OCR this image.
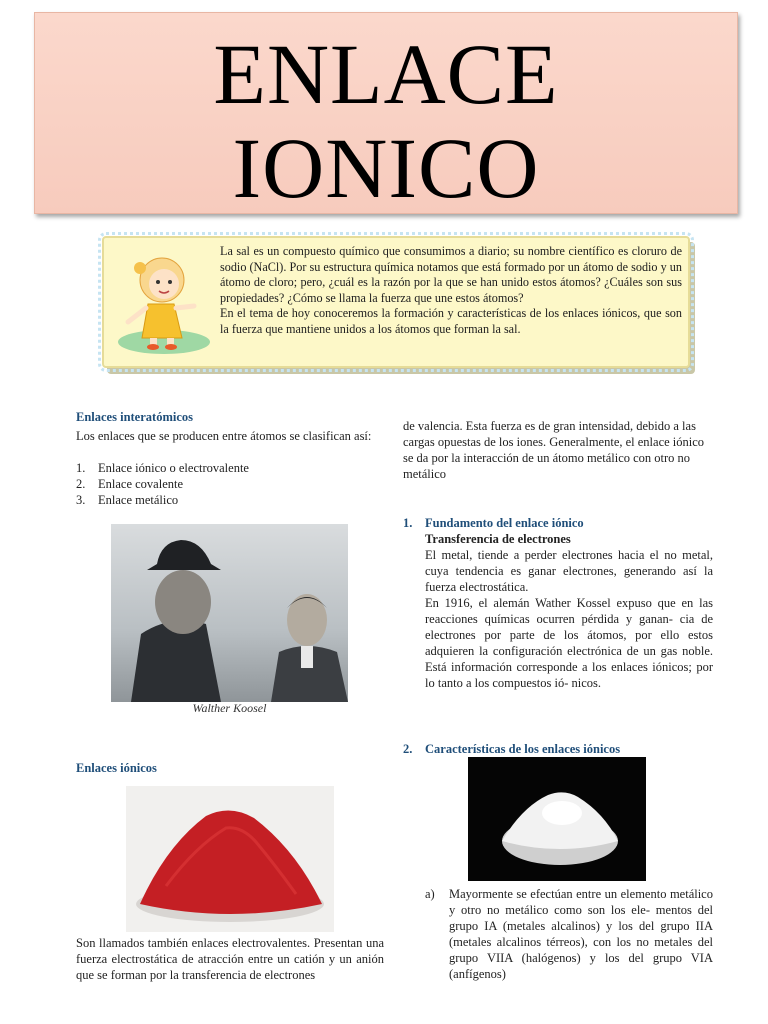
ENLACE
IONICO

La sal es un compuesto químico que consumimos a diario; su nombre científico es cloruro de sodio (NaCl). Por su estructura química notamos que está formado por un átomo de sodio y un átomo de cloro; pero, ¿cuál es la razón por la que se han unido estos átomos? ¿Cuáles son sus propiedades? ¿Cómo se llama la fuerza que une estos átomos?

En el tema de hoy conoceremos la formación y características de los enlaces iónicos, que son la fuerza que mantiene unidos a los átomos que forman la sal.

Enlaces interatómicos
Los enlaces que se producen entre átomos se clasifican así:
1.	Enlace iónico o electrovalente
2.	Enlace covalente
3.	Enlace metálico
Walther Koosel
Enlaces iónicos
Son llamados también enlaces electrovalentes. Presentan una fuerza electrostática de atracción entre un catión y un anión que se forman por la transferencia de electrones
de valencia. Esta fuerza es de gran intensidad, debido a las cargas opuestas de los iones. Generalmente, el enlace iónico se da por la interacción de un átomo metálico con otro no metálico
1.	Fundamento del enlace iónico Transferencia de electrones
El metal, tiende a perder electrones hacia el no metal, cuya tendencia es ganar electrones, generando así la fuerza electrostática.
En 1916, el alemán Wather Kossel expuso que en las reacciones químicas ocurren pérdida y ganan- cia de electrones por parte de los átomos, por ello estos adquieren la configuración electrónica de un gas noble. Está información corresponde a los enlaces iónicos; por lo tanto a los compuestos ió- nicos.
2.	Características de los enlaces iónicos
a)	Mayormente se efectúan entre un elemento metálico y otro no metálico como son los ele- mentos del grupo IA (metales alcalinos) y los del grupo IIA (metales alcalinos térreos), con los no metales del grupo VIIA (halógenos) y los del grupo VIA (anfígenos)
